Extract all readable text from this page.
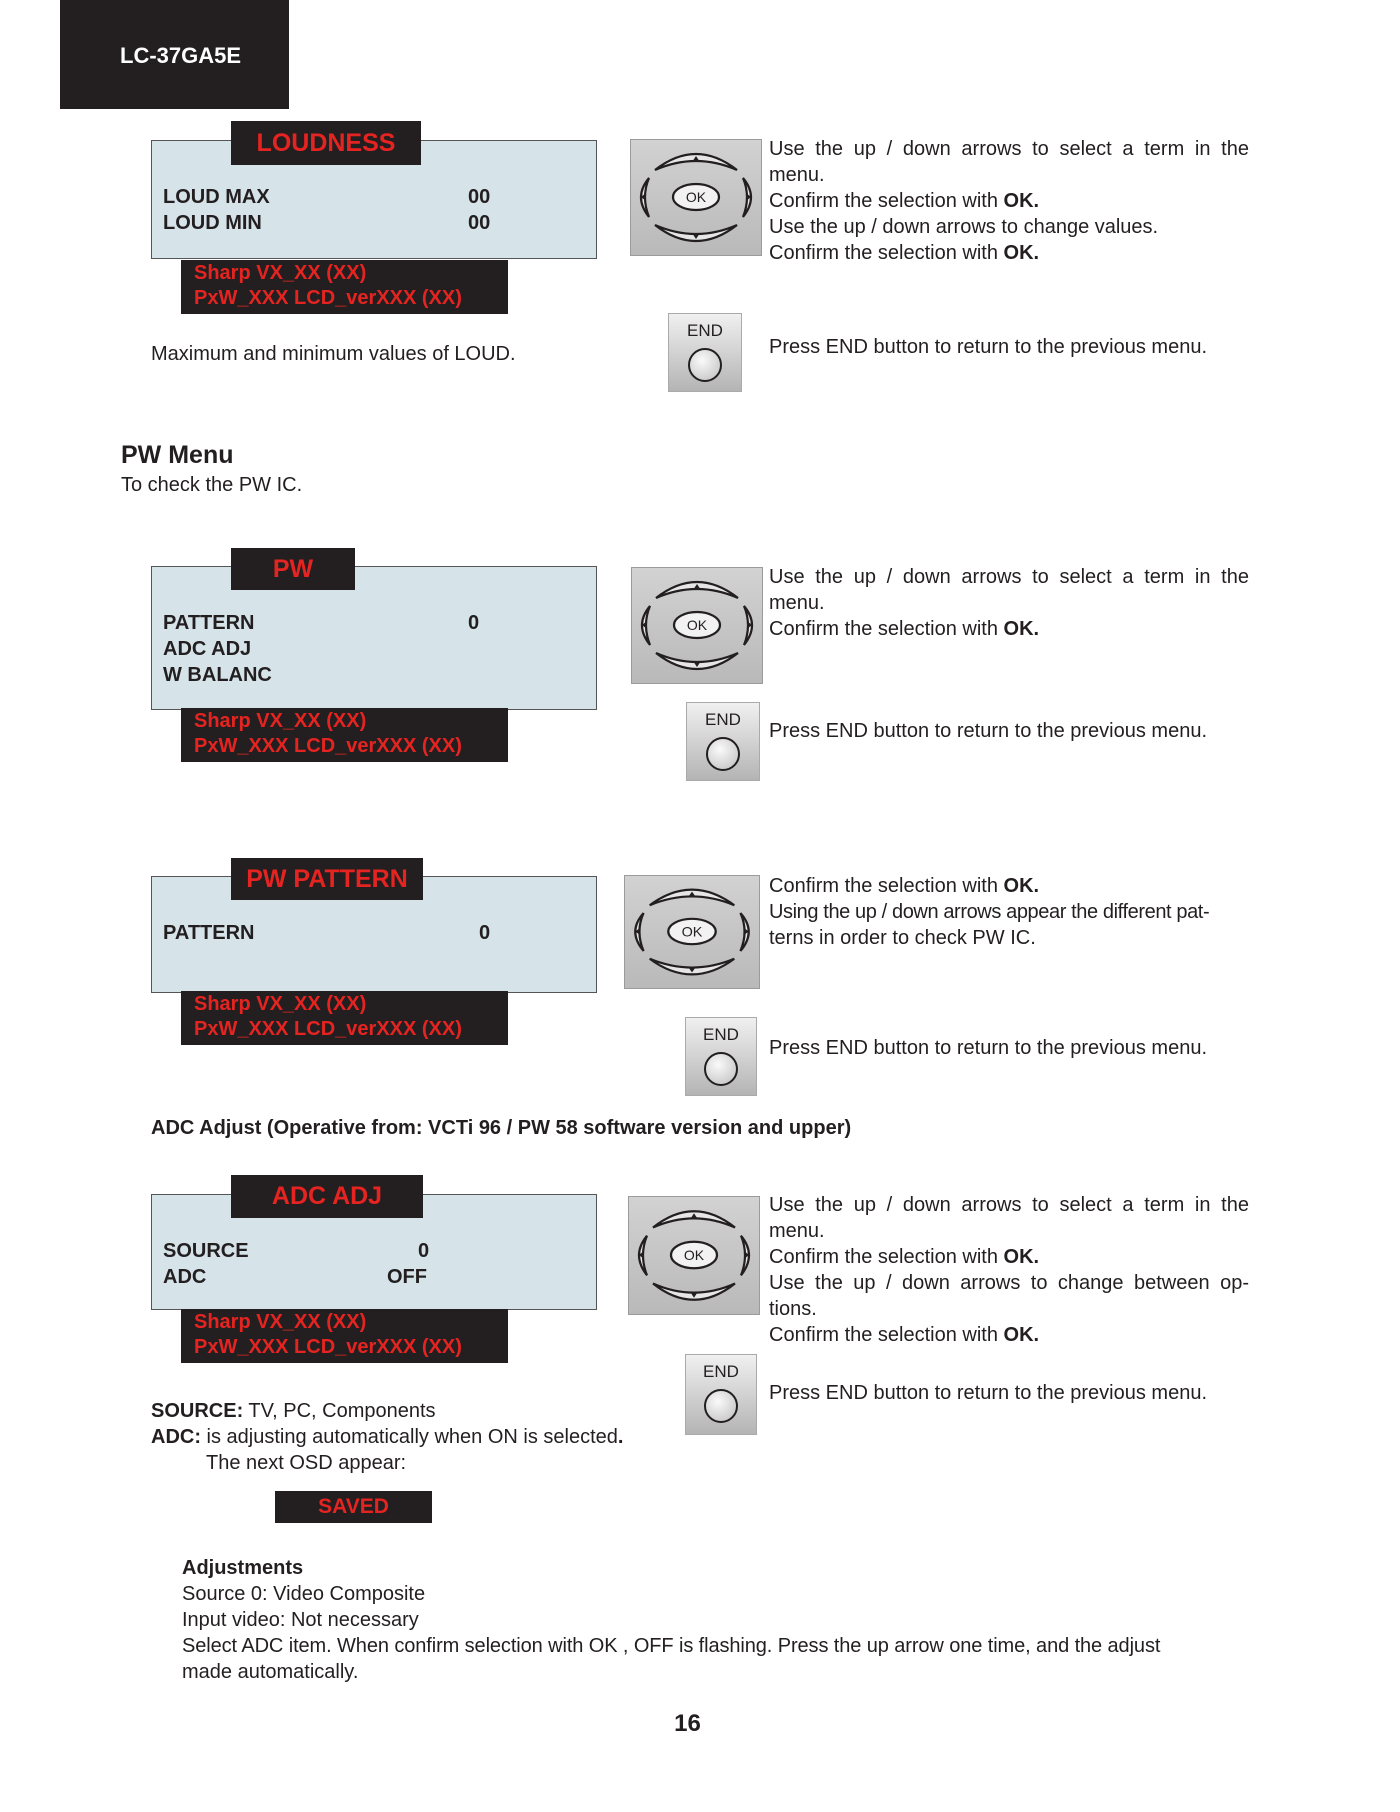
LC-37GA5E
LOUDNESS
LOUD MAX	00
LOUD MIN	00
Sharp VX_XX (XX)
PxW_XXX LCD_verXXX (XX)
OK

Use the up / down arrows to select a term in the

menu.

Confirm the selection with OK.

Use the up / down arrows to change values.

Confirm the selection with OK.

END
Press END button to return to the previous menu.
Maximum and minimum values of LOUD.
PW Menu
To check the PW IC.
PW
PATTERN	0
ADC ADJ
W BALANC
Sharp VX_XX (XX)
PxW_XXX LCD_verXXX (XX)
OK

Use the up / down arrows to select a term in the

menu.

Confirm the selection with OK.

END
Press END button to return to the previous menu.
PW PATTERN
PATTERN	0
Sharp VX_XX (XX)
PxW_XXX LCD_verXXX (XX)
OK

Confirm the selection with OK.

Using the up / down arrows appear the different pat-

terns in order to check PW IC.

END
Press END button to return to the previous menu.
ADC Adjust (Operative from: VCTi 96 / PW 58 software version and upper)
ADC ADJ
SOURCE	0
ADC	OFF
Sharp VX_XX (XX)
PxW_XXX LCD_verXXX (XX)
OK

Use the up / down arrows to select a term in the

menu.

Confirm the selection with OK.

Use the up / down arrows to change between op-

tions.

Confirm the selection with OK.

END
Press END button to return to the previous menu.

SOURCE: TV, PC, Components

ADC: is adjusting automatically when ON is selected.

The next OSD appear:

SAVED

Adjustments

Source 0: Video Composite

Input video: Not necessary

Select ADC item. When confirm selection with OK , OFF is flashing. Press the up arrow one time, and the adjust

made automatically.

16
